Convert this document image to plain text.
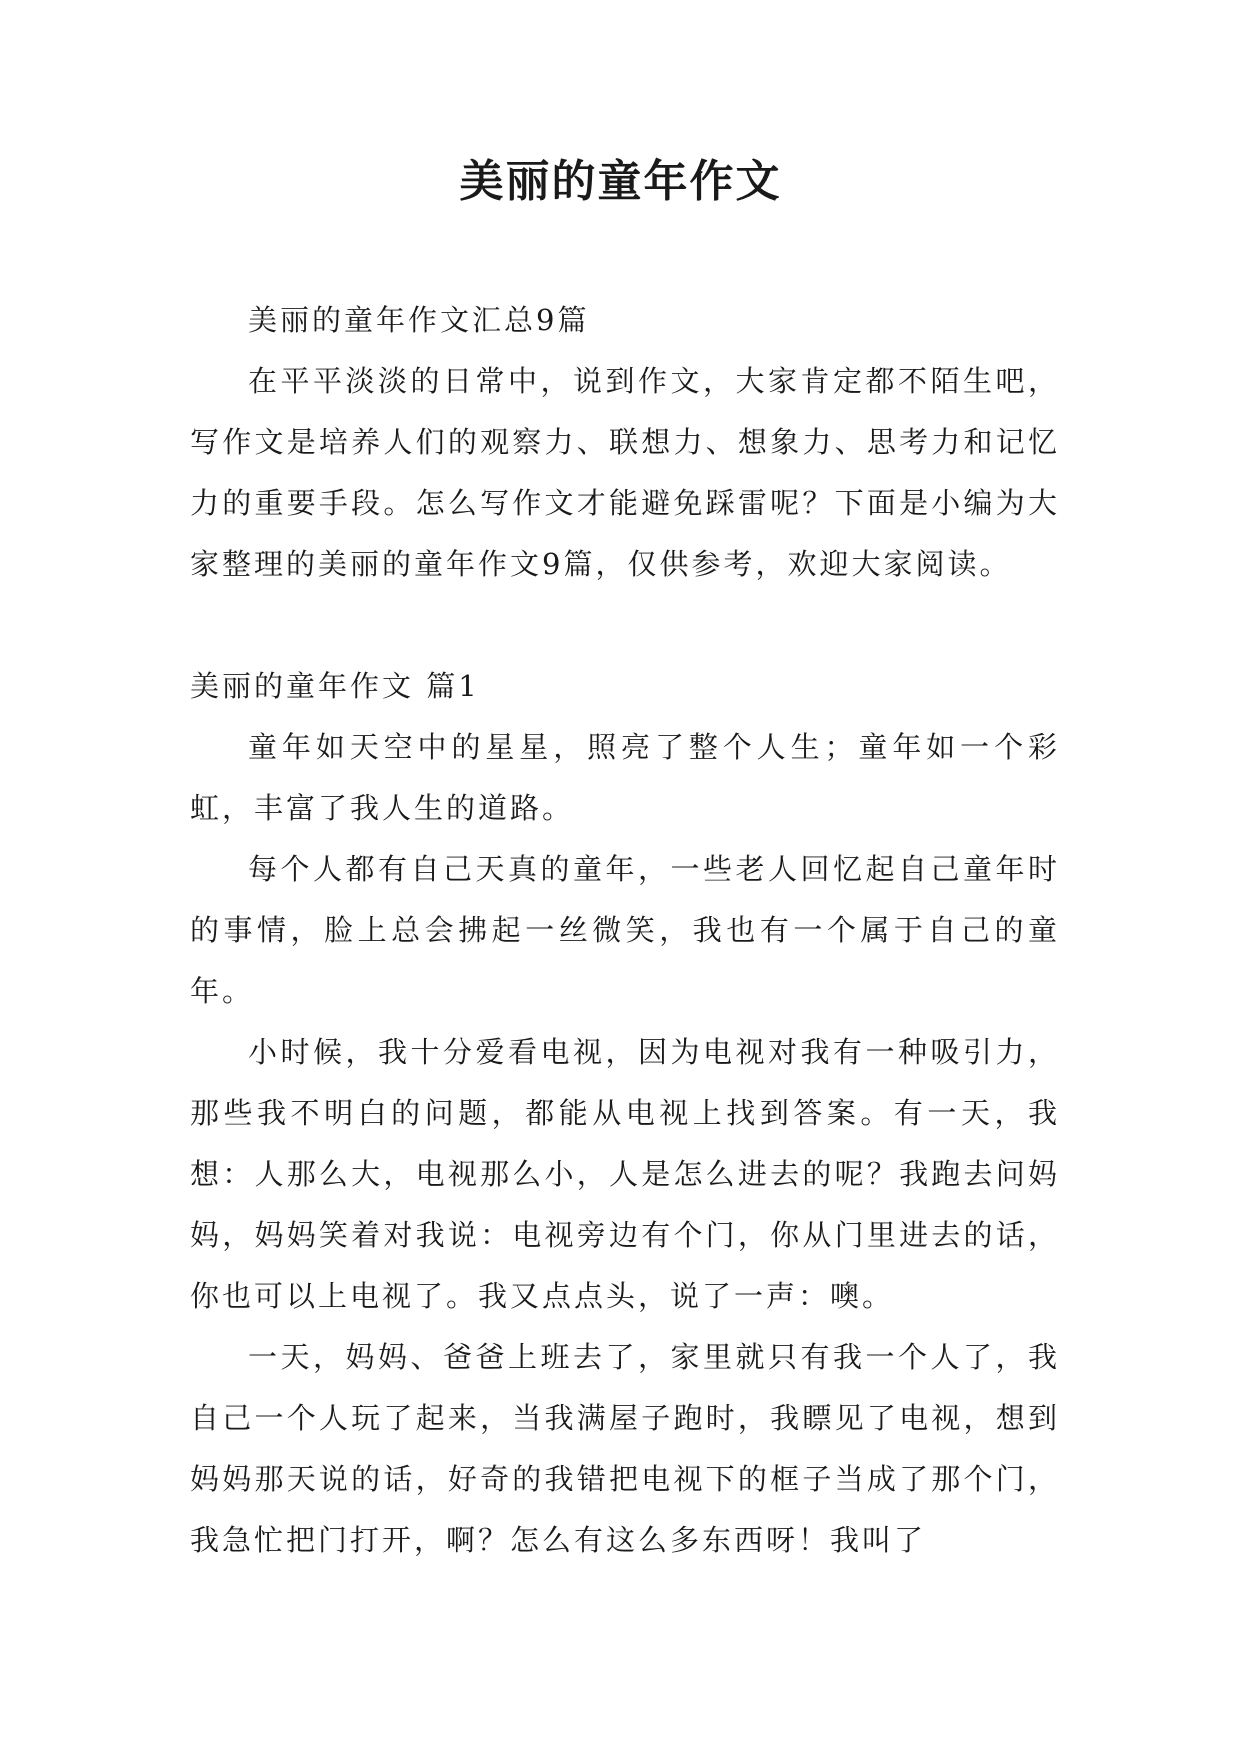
美丽的童年作文

美丽的童年作文汇总9篇

在平平淡淡的日常中，说到作文，大家肯定都不陌生吧，写作文是培养人们的观察力、联想力、想象力、思考力和记忆力的重要手段。怎么写作文才能避免踩雷呢？下面是小编为大家整理的美丽的童年作文9篇，仅供参考，欢迎大家阅读。

美丽的童年作文 篇1

童年如天空中的星星，照亮了整个人生；童年如一个彩虹，丰富了我人生的道路。

每个人都有自己天真的童年，一些老人回忆起自己童年时的事情，脸上总会拂起一丝微笑，我也有一个属于自己的童年。

小时候，我十分爱看电视，因为电视对我有一种吸引力，那些我不明白的问题，都能从电视上找到答案。有一天，我想：人那么大，电视那么小，人是怎么进去的呢？我跑去问妈妈，妈妈笑着对我说：电视旁边有个门，你从门里进去的话，你也可以上电视了。我又点点头，说了一声：噢。

一天，妈妈、爸爸上班去了，家里就只有我一个人了，我自己一个人玩了起来，当我满屋子跑时，我瞟见了电视，想到妈妈那天说的话，好奇的我错把电视下的框子当成了那个门，我急忙把门打开，啊？怎么有这么多东西呀！我叫了
